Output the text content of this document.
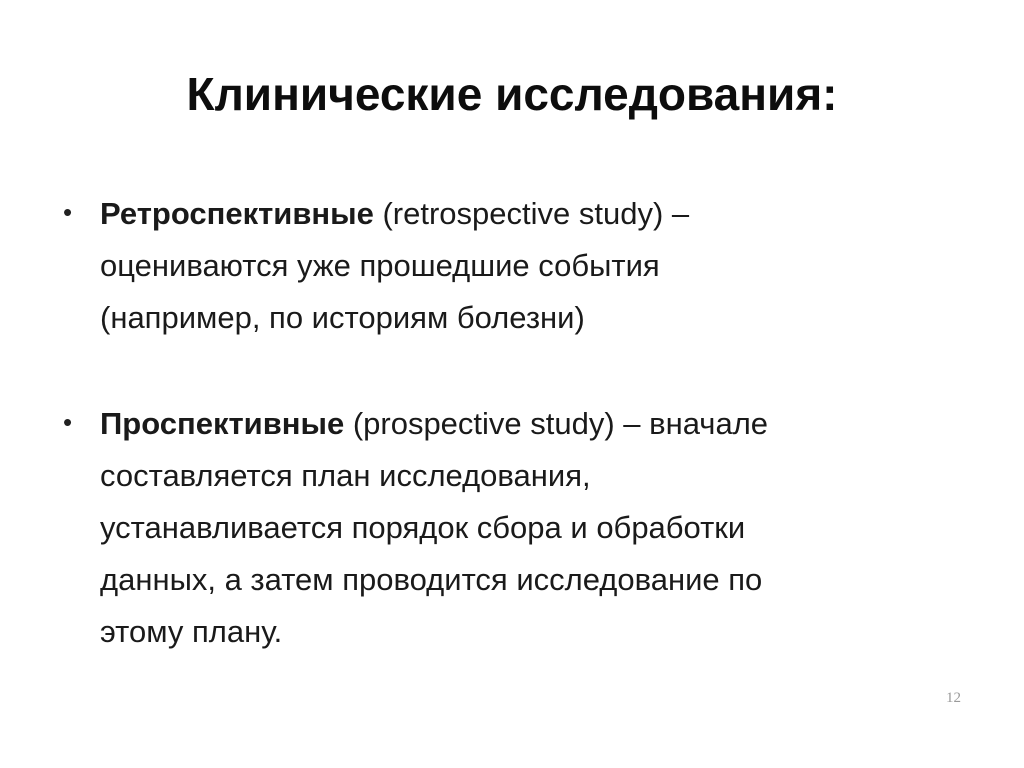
Клинические исследования:
• Ретроспективные (retrospective study) –
оцениваются уже прошедшие события
(например, по историям болезни)
• Проспективные (prospective study) – вначале
составляется план исследования,
устанавливается порядок сбора и обработки
данных, а затем проводится исследование по
этому плану.
12
